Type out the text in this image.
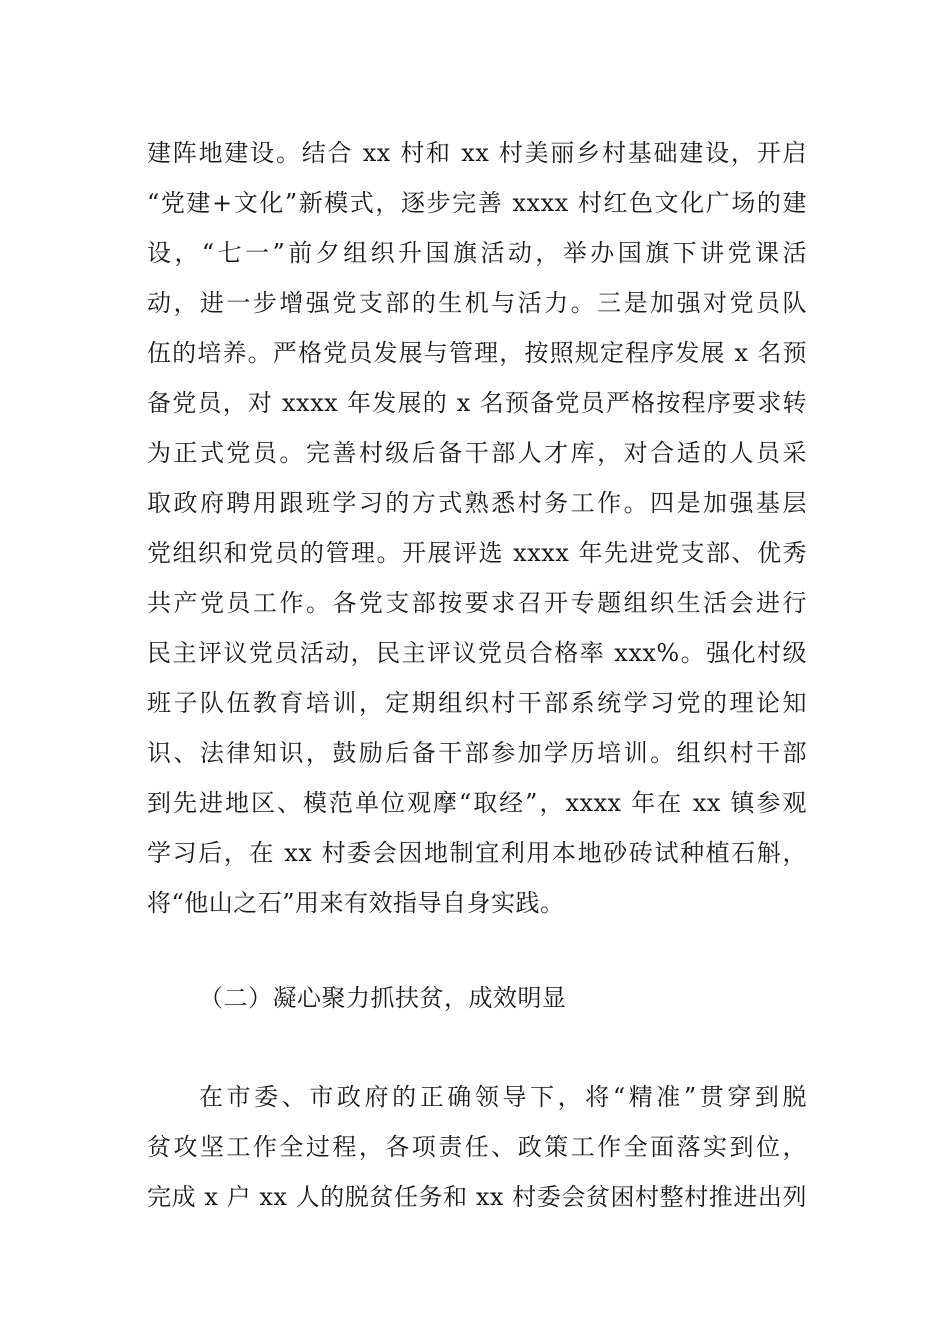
建阵地建设。结合 xx 村和 xx 村美丽乡村基础建设，开启
“党建+文化”新模式，逐步完善 xxxx 村红色文化广场的建
设，“七一”前夕组织升国旗活动，举办国旗下讲党课活
动，进一步增强党支部的生机与活力。三是加强对党员队
伍的培养。严格党员发展与管理，按照规定程序发展 x 名预
备党员，对 xxxx 年发展的 x 名预备党员严格按程序要求转
为正式党员。完善村级后备干部人才库，对合适的人员采
取政府聘用跟班学习的方式熟悉村务工作。四是加强基层
党组织和党员的管理。开展评选 xxxx 年先进党支部、优秀
共产党员工作。各党支部按要求召开专题组织生活会进行
民主评议党员活动，民主评议党员合格率 xxx%。强化村级
班子队伍教育培训，定期组织村干部系统学习党的理论知
识、法律知识，鼓励后备干部参加学历培训。组织村干部
到先进地区、模范单位观摩“取经”，xxxx 年在 xx 镇参观
学习后，在 xx 村委会因地制宜利用本地砂砖试种植石斛，
将“他山之石”用来有效指导自身实践。
（二）凝心聚力抓扶贫，成效明显
在市委、市政府的正确领导下，将“精准”贯穿到脱
贫攻坚工作全过程，各项责任、政策工作全面落实到位，
完成 x 户 xx 人的脱贫任务和 xx 村委会贫困村整村推进出列
